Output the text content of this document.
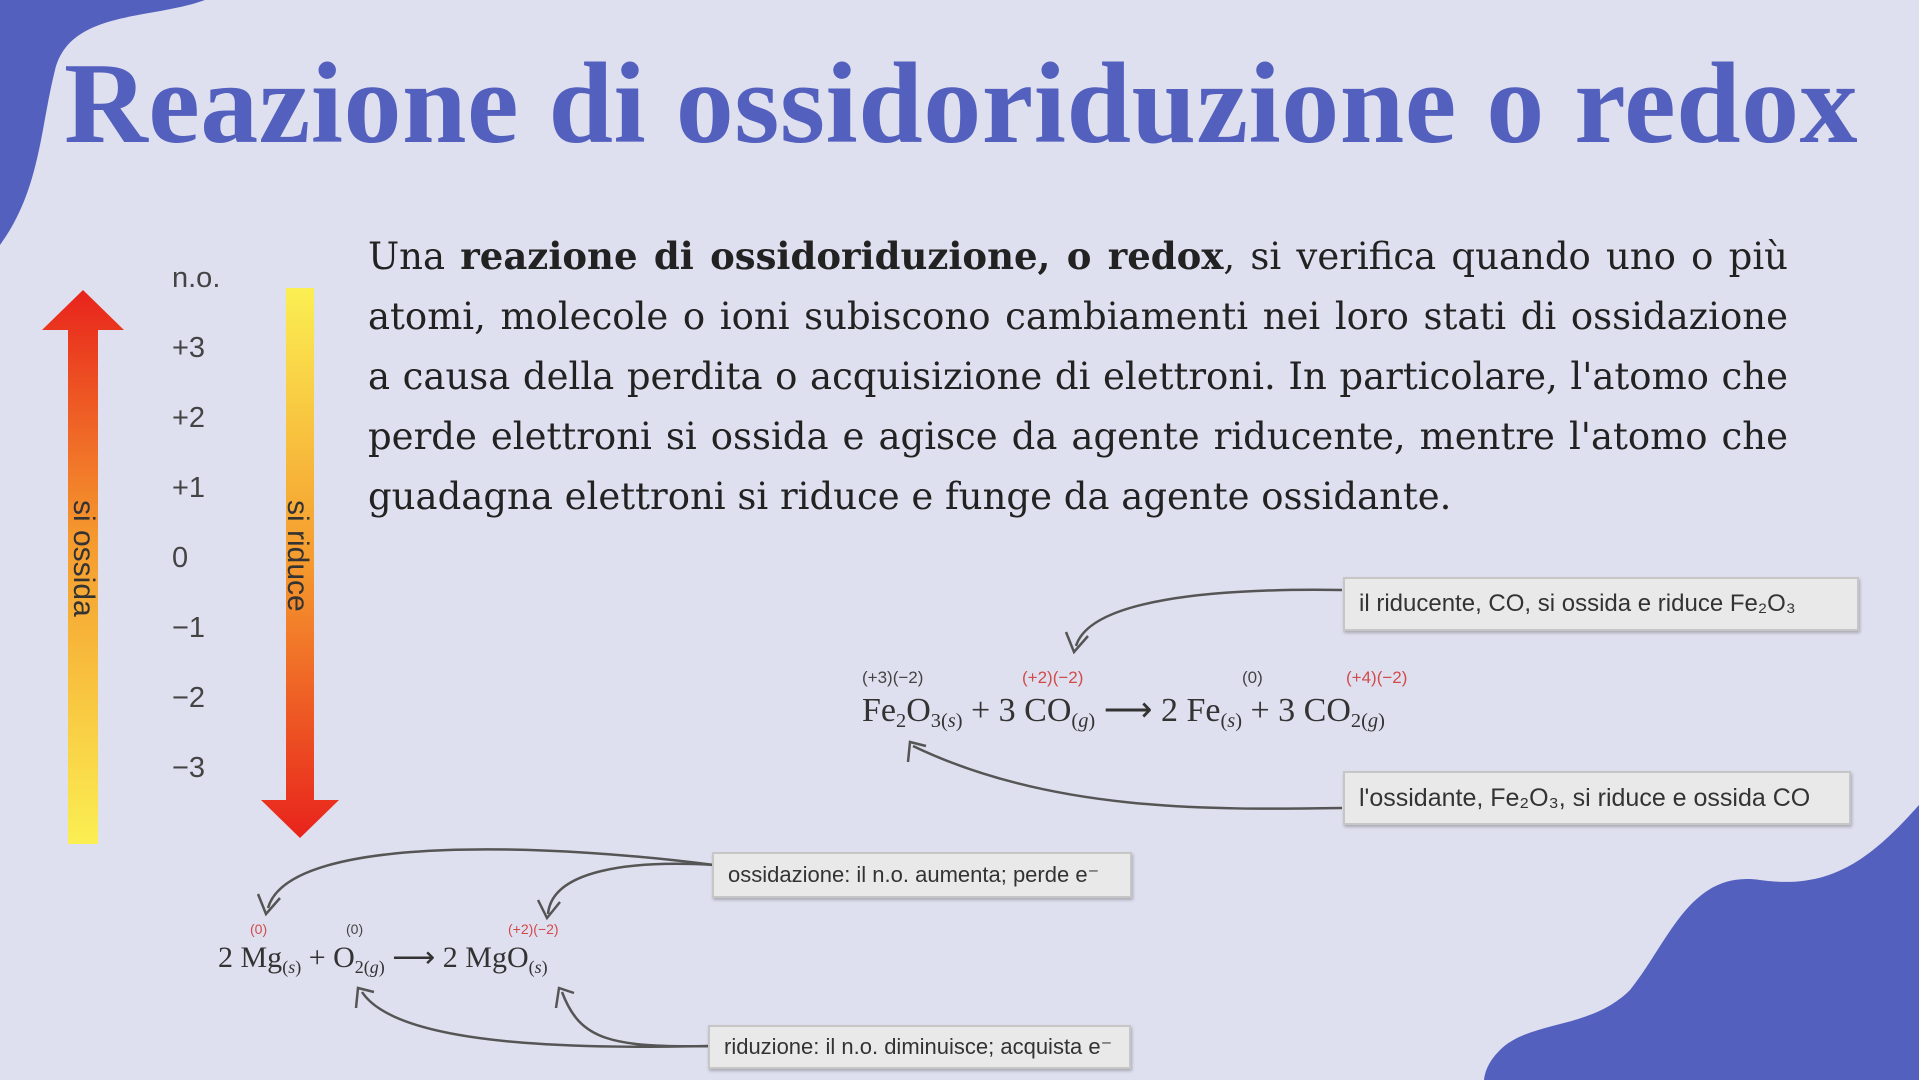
Reazione di ossidoriduzione o redox

Una reazione di ossidoriduzione, o redox, si verifica quando uno o più atomi, molecole o ioni subiscono cambiamenti nei loro stati di ossidazione a causa della perdita o acquisizione di elettroni. In particolare, l'atomo che perde elettroni si ossida e agisce da agente riducente, mentre l'atomo che guadagna elettroni si riduce e funge da agente ossidante.

si ossida	si riduce
n.o.
+3
+2
+1
0
−1
−2
−3
(+3)(−2)	(+2)(−2)	(0)	(+4)(−2)
$Fe_2O_{3(s)} + 3$ $CO_{(g)}$ ⟶ 2 $Fe_{(s)} + 3$ $CO_{2(g)}$
il riducente, CO, si ossida e riduce Fe₂O₃
l'ossidante, Fe₂O₃, si riduce e ossida CO
(0)	(0)	(+2)(−2)
2 $Mg_{(s)} + O_{2(g)}$ ⟶ 2 MgO$_{(s)}$
ossidazione: il n.o. aumenta; perde e⁻
riduzione: il n.o. diminuisce; acquista e⁻
